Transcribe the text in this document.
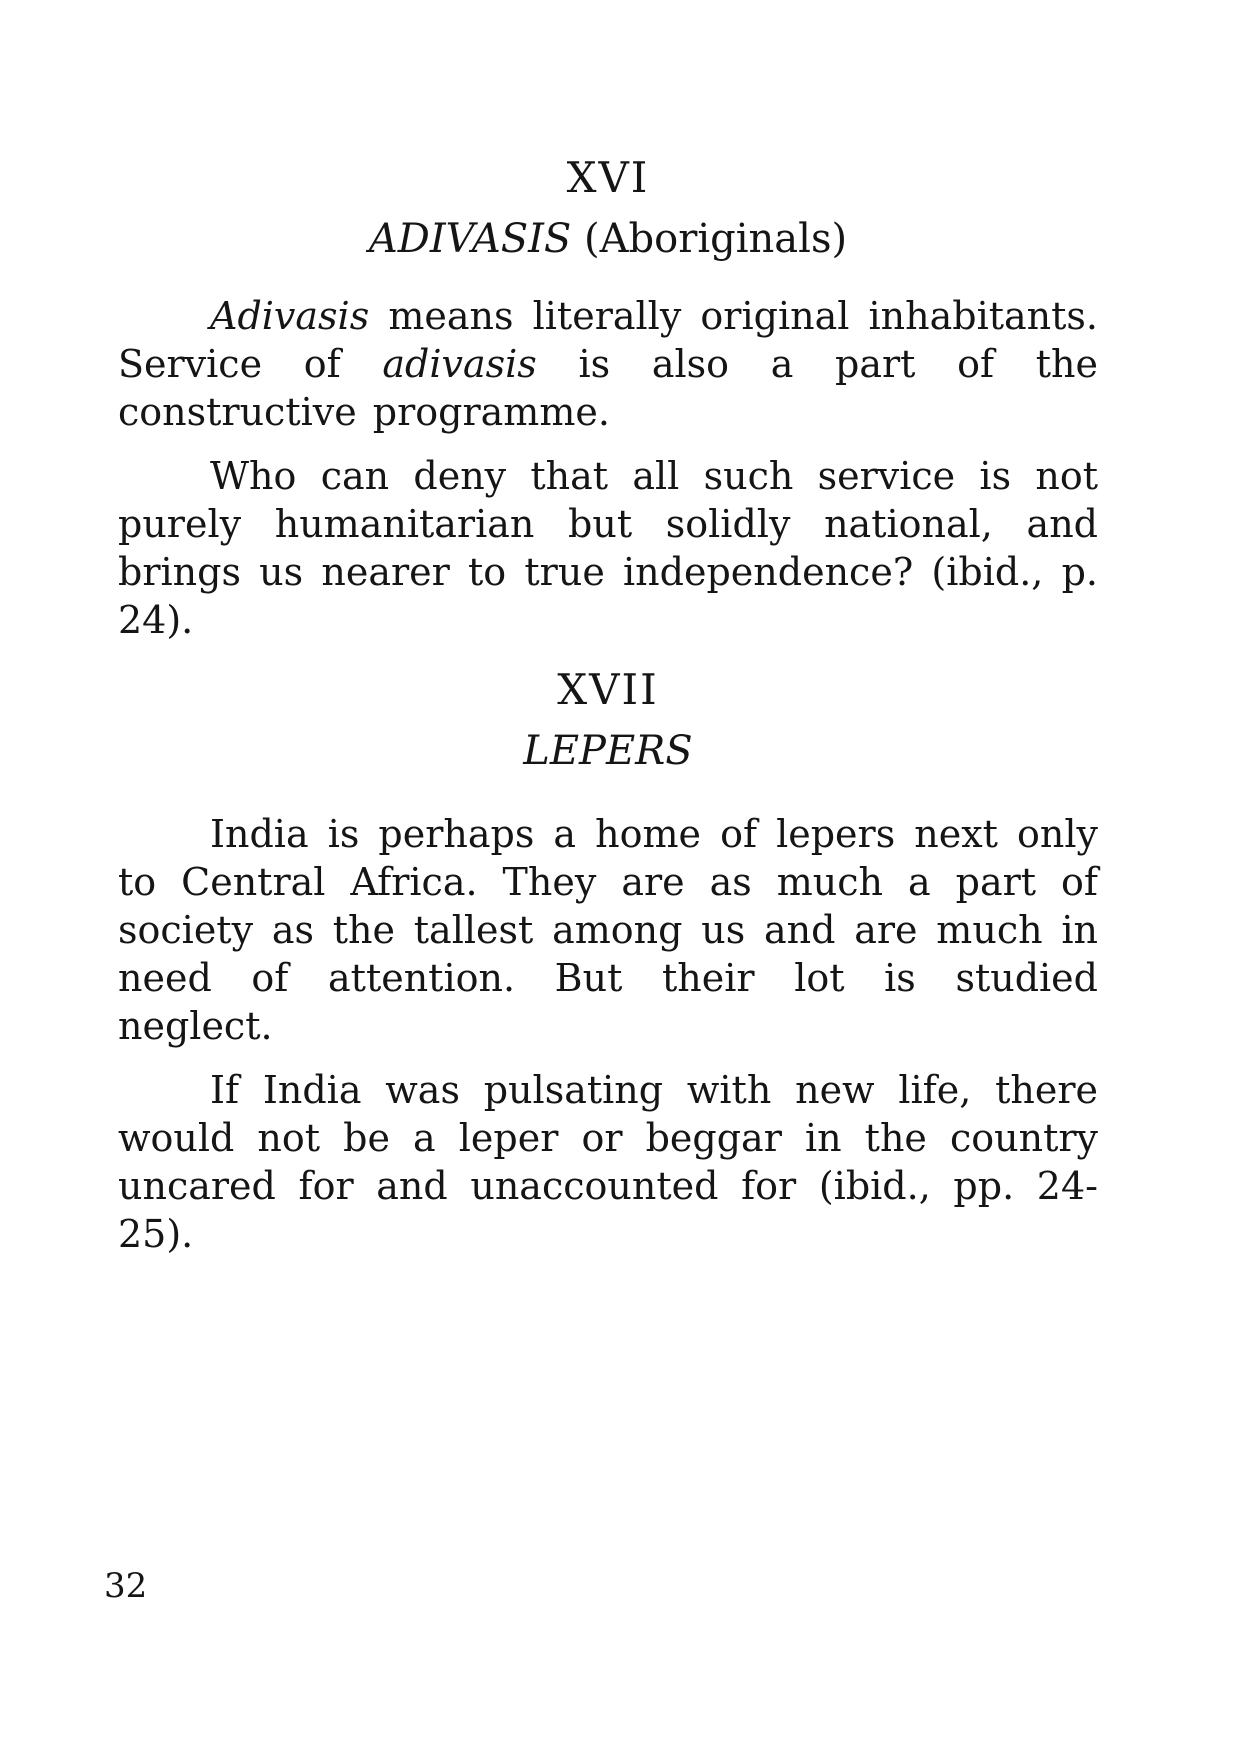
XVI
ADIVASIS (Aboriginals)

Adivasis means literally original inhabitants. Service of adivasis is also a part of the constructive programme.

Who can deny that all such service is not purely humanitarian but solidly national, and brings us nearer to true independence? (ibid., p. 24).

XVII
LEPERS

India is perhaps a home of lepers next only to Central Africa. They are as much a part of society as the tallest among us and are much in need of attention. But their lot is studied neglect.

If India was pulsating with new life, there would not be a leper or beggar in the country uncared for and unaccounted for (ibid., pp. 24-25).

32
